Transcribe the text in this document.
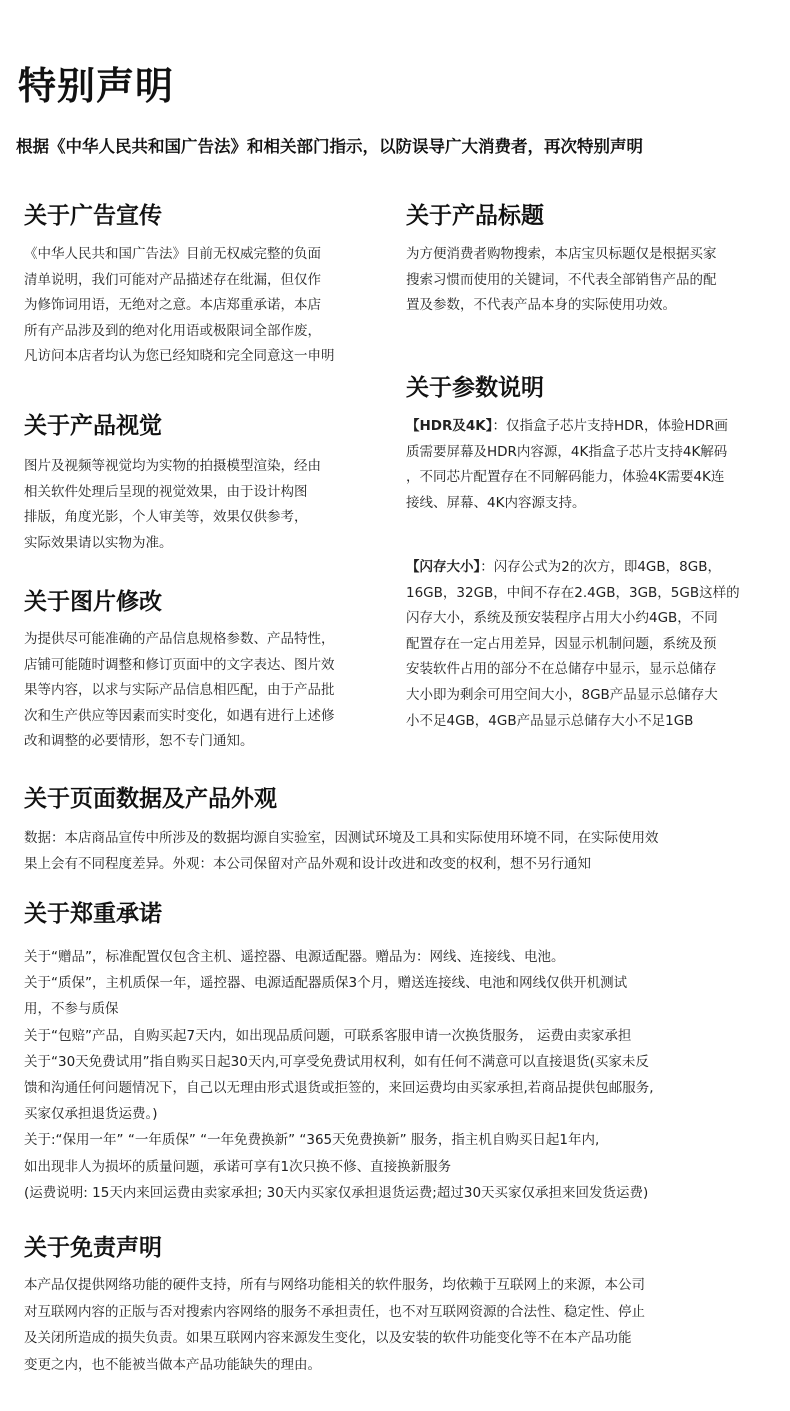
特别声明
根据《中华人民共和国广告法》和相关部门指示，以防误导广大消费者，再次特别声明
关于广告宣传
《中华人民共和国广告法》目前无权威完整的负面
清单说明，我们可能对产品描述存在纰漏，但仅作
为修饰词用语，无绝对之意。本店郑重承诺，本店
所有产品涉及到的绝对化用语或极限词全部作废，
凡访问本店者均认为您已经知晓和完全同意这一申明
关于产品视觉
图片及视频等视觉均为实物的拍摄模型渲染，经由
相关软件处理后呈现的视觉效果，由于设计构图
排版，角度光影，个人审美等，效果仅供参考，
实际效果请以实物为准。
关于图片修改
为提供尽可能准确的产品信息规格参数、产品特性，
店铺可能随时调整和修订页面中的文字表达、图片效
果等内容，以求与实际产品信息相匹配，由于产品批
次和生产供应等因素而实时变化，如遇有进行上述修
改和调整的必要情形，恕不专门通知。
关于产品标题
为方便消费者购物搜索，本店宝贝标题仅是根据买家
搜索习惯而使用的关键词，不代表全部销售产品的配
置及参数，不代表产品本身的实际使用功效。
关于参数说明
【HDR及4K】：仅指盒子芯片支持HDR，体验HDR画
质需要屏幕及HDR内容源，4K指盒子芯片支持4K解码
，不同芯片配置存在不同解码能力，体验4K需要4K连
接线、屏幕、4K内容源支持。
【闪存大小】：闪存公式为2的次方，即4GB，8GB，
16GB，32GB，中间不存在2.4GB，3GB，5GB这样的
闪存大小，系统及预安装程序占用大小约4GB，不同
配置存在一定占用差异，因显示机制问题，系统及预
安装软件占用的部分不在总储存中显示，显示总储存
大小即为剩余可用空间大小，8GB产品显示总储存大
小不足4GB，4GB产品显示总储存大小不足1GB
关于页面数据及产品外观
数据：本店商品宣传中所涉及的数据均源自实验室，因测试环境及工具和实际使用环境不同，在实际使用效
果上会有不同程度差异。外观：本公司保留对产品外观和设计改进和改变的权利，想不另行通知
关于郑重承诺
关于“赠品”，标准配置仅包含主机、遥控器、电源适配器。赠品为：网线、连接线、电池。
关于“质保”，主机质保一年，遥控器、电源适配器质保3个月，赠送连接线、电池和网线仅供开机测试
用，不参与质保
关于“包赔”产品，自购买起7天内，如出现品质问题，可联系客服申请一次换货服务， 运费由卖家承担
关于“30天免费试用”指自购买日起30天内,可享受免费试用权利，如有任何不满意可以直接退货(买家未反
馈和沟通任何问题情况下，自己以无理由形式退货或拒签的，来回运费均由买家承担,若商品提供包邮服务,
买家仅承担退货运费。)
关于:“保用一年” “一年质保” “一年免费换新” “365天免费换新” 服务，指主机自购买日起1年内,
如出现非人为损坏的质量问题，承诺可享有1次只换不修、直接换新服务
(运费说明: 15天内来回运费由卖家承担; 30天内买家仅承担退货运费;超过30天买家仅承担来回发货运费)
关于免责声明
本产品仅提供网络功能的硬件支持，所有与网络功能相关的软件服务，均依赖于互联网上的来源，本公司
对互联网内容的正版与否对搜索内容网络的服务不承担责任，也不对互联网资源的合法性、稳定性、停止
及关闭所造成的损失负责。如果互联网内容来源发生变化，以及安装的软件功能变化等不在本产品功能
变更之内，也不能被当做本产品功能缺失的理由。
